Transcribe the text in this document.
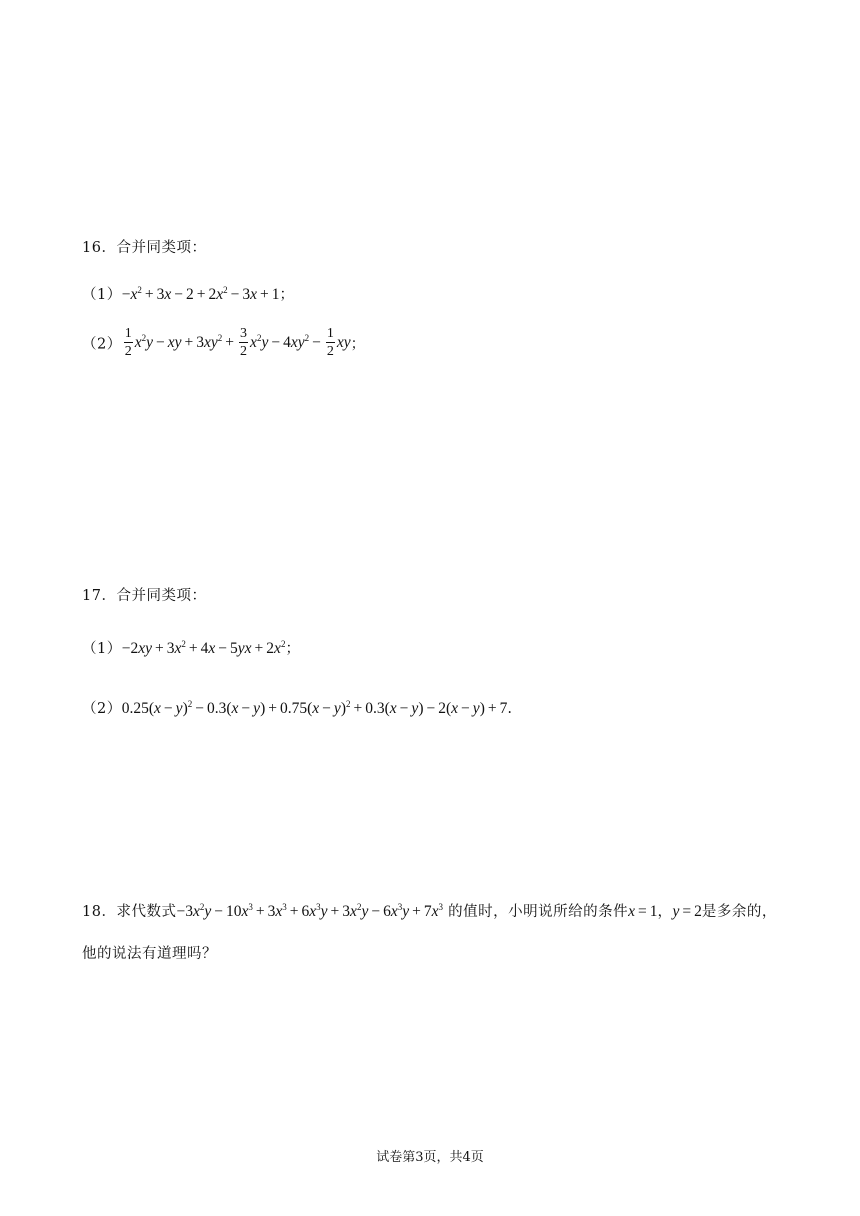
16．合并同类项：
$(1)-x^2 + 3x - 2 + 2x^2 - 3x + 1$；
$(2) \frac{1}{2} x^2y$ − xy + $3xy^2 + \frac{3}{2} x^2y - 4xy^2 - \frac{1}{2}$ xy；
17．合并同类项：
$(1)-2xy + 3x^2 + 4x - 5yx + 2x^2$；
$(2)0.25(x - y)^2 - 0.3(x - y) + 0.75(x - y)^2 + 0.3(x - y) - 2(x - y) + 7$.
18．求代数式$-3x^2y - 10x^3 + 3x^3 + 6x^3y + 3x^2y - 6x^3y + 7x^3$ 的值时，小明说所给的条件x = 1，y = 2是多余的，
他的说法有道理吗？
试卷第3页，共4页
